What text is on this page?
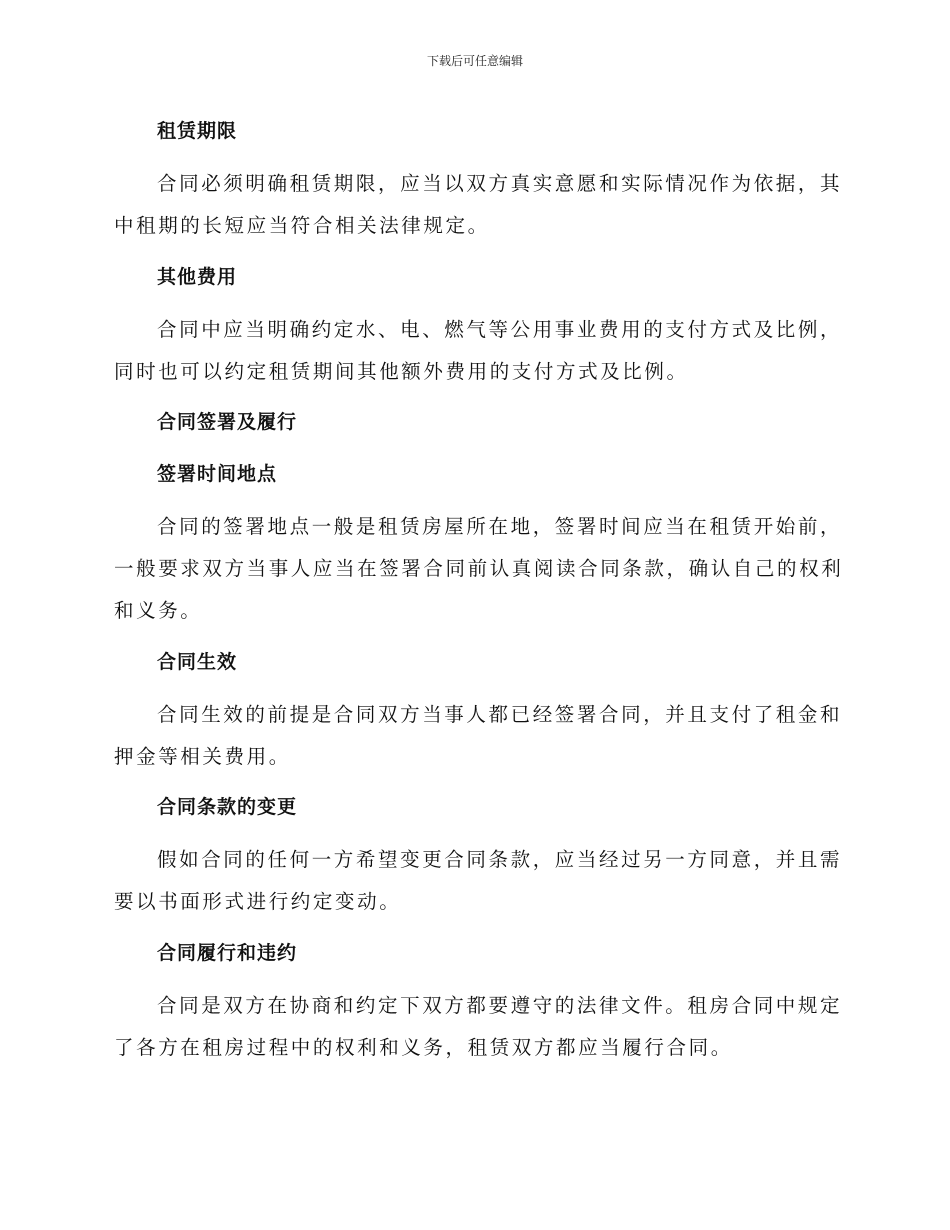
下载后可任意编辑
租赁期限
合同必须明确租赁期限，应当以双方真实意愿和实际情况作为依据，其
中租期的长短应当符合相关法律规定。
其他费用
合同中应当明确约定水、电、燃气等公用事业费用的支付方式及比例，
同时也可以约定租赁期间其他额外费用的支付方式及比例。
合同签署及履行
签署时间地点
合同的签署地点一般是租赁房屋所在地，签署时间应当在租赁开始前，
一般要求双方当事人应当在签署合同前认真阅读合同条款，确认自己的权利
和义务。
合同生效
合同生效的前提是合同双方当事人都已经签署合同，并且支付了租金和
押金等相关费用。
合同条款的变更
假如合同的任何一方希望变更合同条款，应当经过另一方同意，并且需
要以书面形式进行约定变动。
合同履行和违约
合同是双方在协商和约定下双方都要遵守的法律文件。租房合同中规定
了各方在租房过程中的权利和义务，租赁双方都应当履行合同。
